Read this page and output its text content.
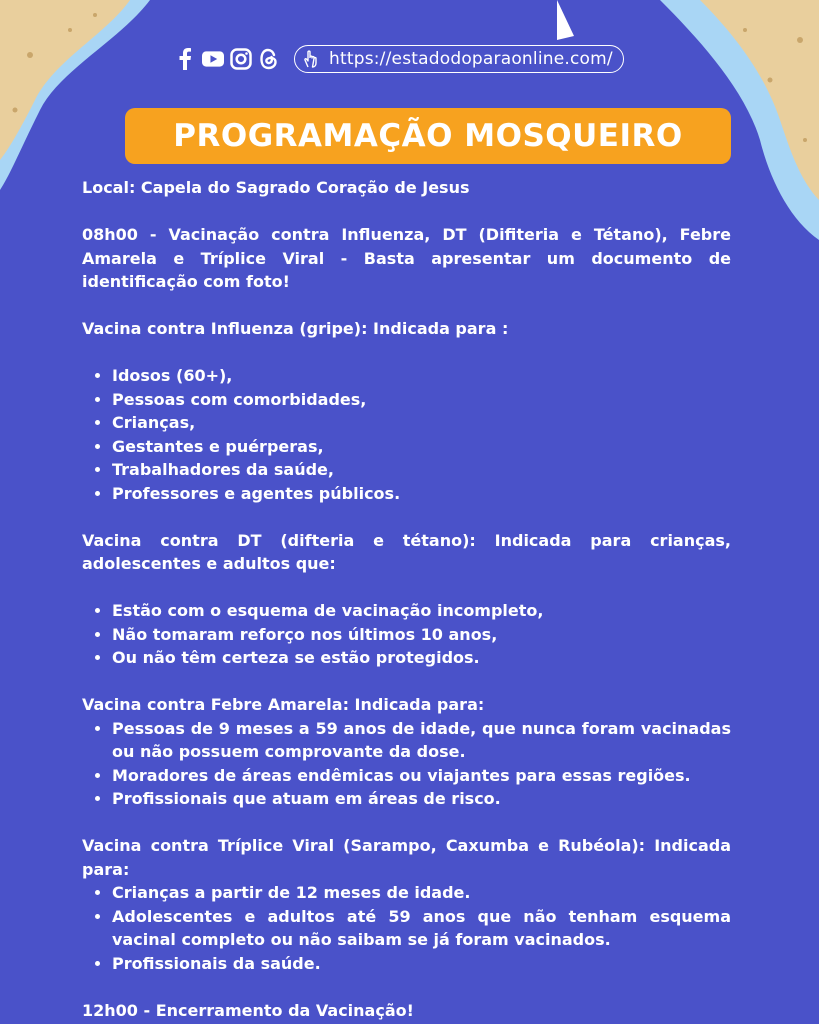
https://estadodoparaonline.com/
PROGRAMAÇÃO MOSQUEIRO

Local: Capela do Sagrado Coração de Jesus

08h00 - Vacinação contra Influenza, DT (Difiteria e Tétano), Febre Amarela e Tríplice Viral - Basta apresentar um documento de identificação com foto!

Vacina contra Influenza (gripe): Indicada para :

• Idosos (60+),
• Pessoas com comorbidades,
• Crianças,
• Gestantes e puérperas,
• Trabalhadores da saúde,
• Professores e agentes públicos.

Vacina contra DT (difteria e tétano): Indicada para crianças, adolescentes e adultos que:

• Estão com o esquema de vacinação incompleto,
• Não tomaram reforço nos últimos 10 anos,
• Ou não têm certeza se estão protegidos.

Vacina contra Febre Amarela: Indicada para:

• Pessoas de 9 meses a 59 anos de idade, que nunca foram vacinadas ou não possuem comprovante da dose.
• Moradores de áreas endêmicas ou viajantes para essas regiões.
• Profissionais que atuam em áreas de risco.

Vacina contra Tríplice Viral (Sarampo, Caxumba e Rubéola): Indicada para:

• Crianças a partir de 12 meses de idade.
• Adolescentes e adultos até 59 anos que não tenham esquema vacinal completo ou não saibam se já foram vacinados.
• Profissionais da saúde.

12h00 - Encerramento da Vacinação!
